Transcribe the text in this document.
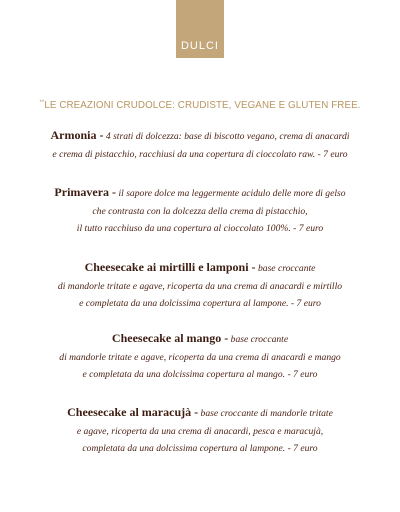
DULCI
**LE CREAZIONI CRUDOLCE: CRUDISTE, VEGANE E GLUTEN FREE.
Armonia - 4 strati di dolcezza: base di biscotto vegano, crema di anacardi
e crema di pistacchio, racchiusi da una copertura di cioccolato raw. - 7 euro
Primavera - il sapore dolce ma leggermente acidulo delle more di gelso
che contrasta con la dolcezza della crema di pistacchio,
il tutto racchiuso da una copertura al cioccolato 100%. - 7 euro
Cheesecake ai mirtilli e lamponi - base croccante
di mandorle tritate e agave, ricoperta da una crema di anacardi e mirtillo
e completata da una dolcissima copertura al lampone. - 7 euro
Cheesecake al mango - base croccante
di mandorle tritate e agave, ricoperta da una crema di anacardi e mango
e completata da una dolcissima copertura al mango. - 7 euro
Cheesecake al maracujà - base croccante di mandorle tritate
e agave, ricoperta da una crema di anacardi, pesca e maracujà,
completata da una dolcissima copertura al lampone. - 7 euro
